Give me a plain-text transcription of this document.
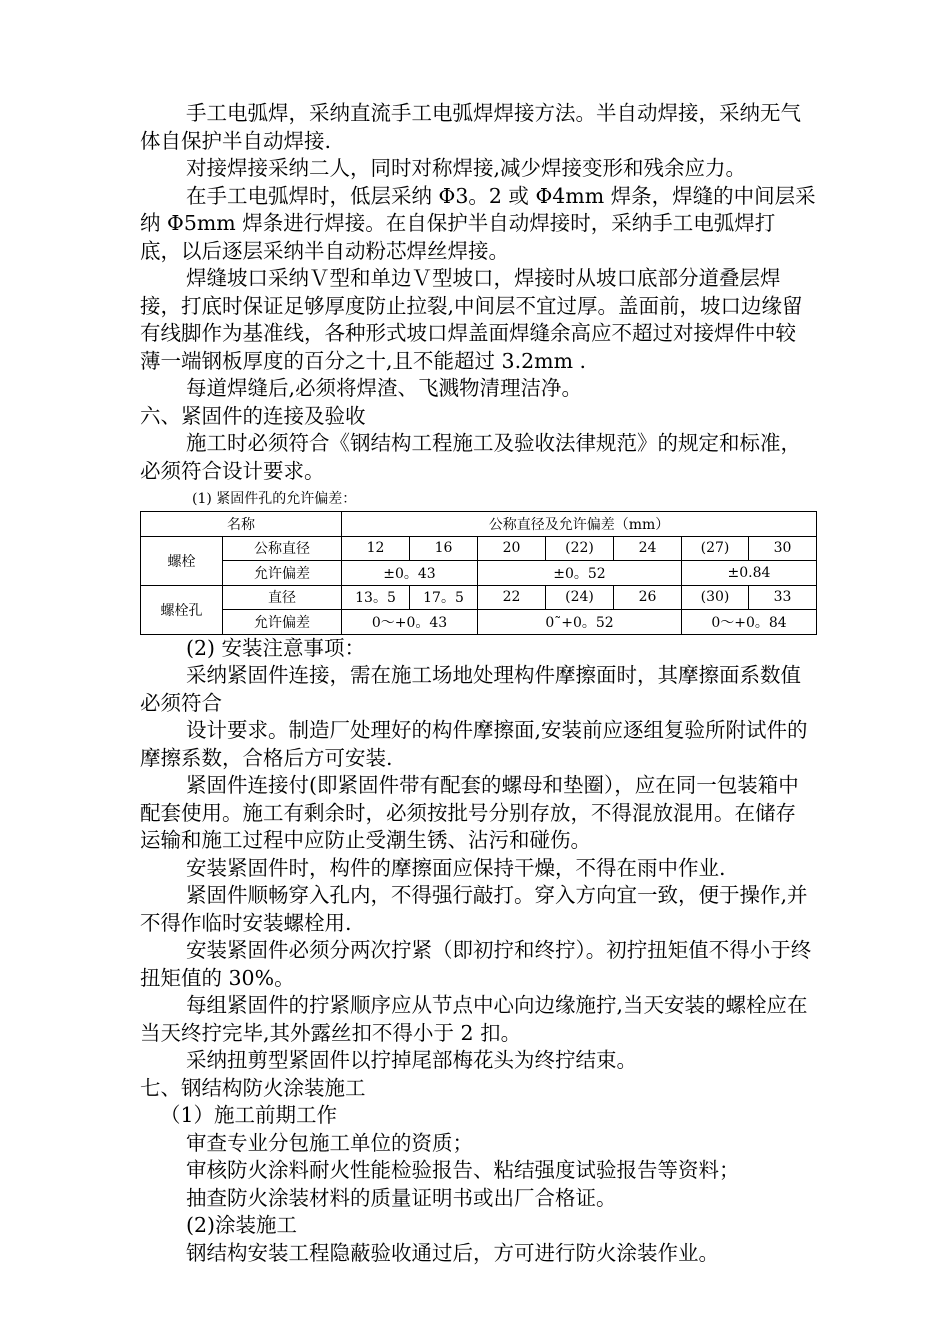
手工电弧焊，采纳直流手工电弧焊焊接方法。半自动焊接，采纳无气体自保护半自动焊接.

对接焊接采纳二人，同时对称焊接,减少焊接变形和残余应力。

在手工电弧焊时，低层采纳 Φ3。2 或 Φ4mm 焊条，焊缝的中间层采纳 Φ5mm 焊条进行焊接。在自保护半自动焊接时，采纳手工电弧焊打底，以后逐层采纳半自动粉芯焊丝焊接。

焊缝坡口采纳Ｖ型和单边Ｖ型坡口，焊接时从坡口底部分道叠层焊接，打底时保证足够厚度防止拉裂,中间层不宜过厚。盖面前，坡口边缘留有线脚作为基准线，各种形式坡口焊盖面焊缝余高应不超过对接焊件中较薄一端钢板厚度的百分之十,且不能超过 3.2mm .

每道焊缝后,必须将焊渣、飞溅物清理洁净。

六、紧固件的连接及验收

施工时必须符合《钢结构工程施工及验收法律规范》的规定和标准，必须符合设计要求。

(1) 紧固件孔的允许偏差：

名称		公称直径及允许偏差（mm）						
螺栓	公称直径	12	16	20	(22)	24	(27)	30
	允许偏差	±0。43		±0。52			±0.84	
螺栓孔	直径	13。5	17。5	22	(24)	26	(30)	33
	允许偏差	0～+0。43		0˜+0。52			0～+0。84	

(2) 安装注意事项：

采纳紧固件连接，需在施工场地处理构件摩擦面时，其摩擦面系数值必须符合

设计要求。制造厂处理好的构件摩擦面,安装前应逐组复验所附试件的摩擦系数，合格后方可安装.

紧固件连接付(即紧固件带有配套的螺母和垫圈），应在同一包装箱中配套使用。施工有剩余时，必须按批号分别存放，不得混放混用。在储存运输和施工过程中应防止受潮生锈、沾污和碰伤。

安装紧固件时，构件的摩擦面应保持干燥，不得在雨中作业.

紧固件顺畅穿入孔内，不得强行敲打。穿入方向宜一致，便于操作,并不得作临时安装螺栓用.

安装紧固件必须分两次拧紧（即初拧和终拧）。初拧扭矩值不得小于终扭矩值的 30%。

每组紧固件的拧紧顺序应从节点中心向边缘施拧,当天安装的螺栓应在当天终拧完毕,其外露丝扣不得小于 2 扣。

采纳扭剪型紧固件以拧掉尾部梅花头为终拧结束。

七、钢结构防火涂装施工

（1）施工前期工作

审查专业分包施工单位的资质；

审核防火涂料耐火性能检验报告、粘结强度试验报告等资料；

抽查防火涂装材料的质量证明书或出厂合格证。

(2)涂装施工

钢结构安装工程隐蔽验收通过后，方可进行防火涂装作业。
